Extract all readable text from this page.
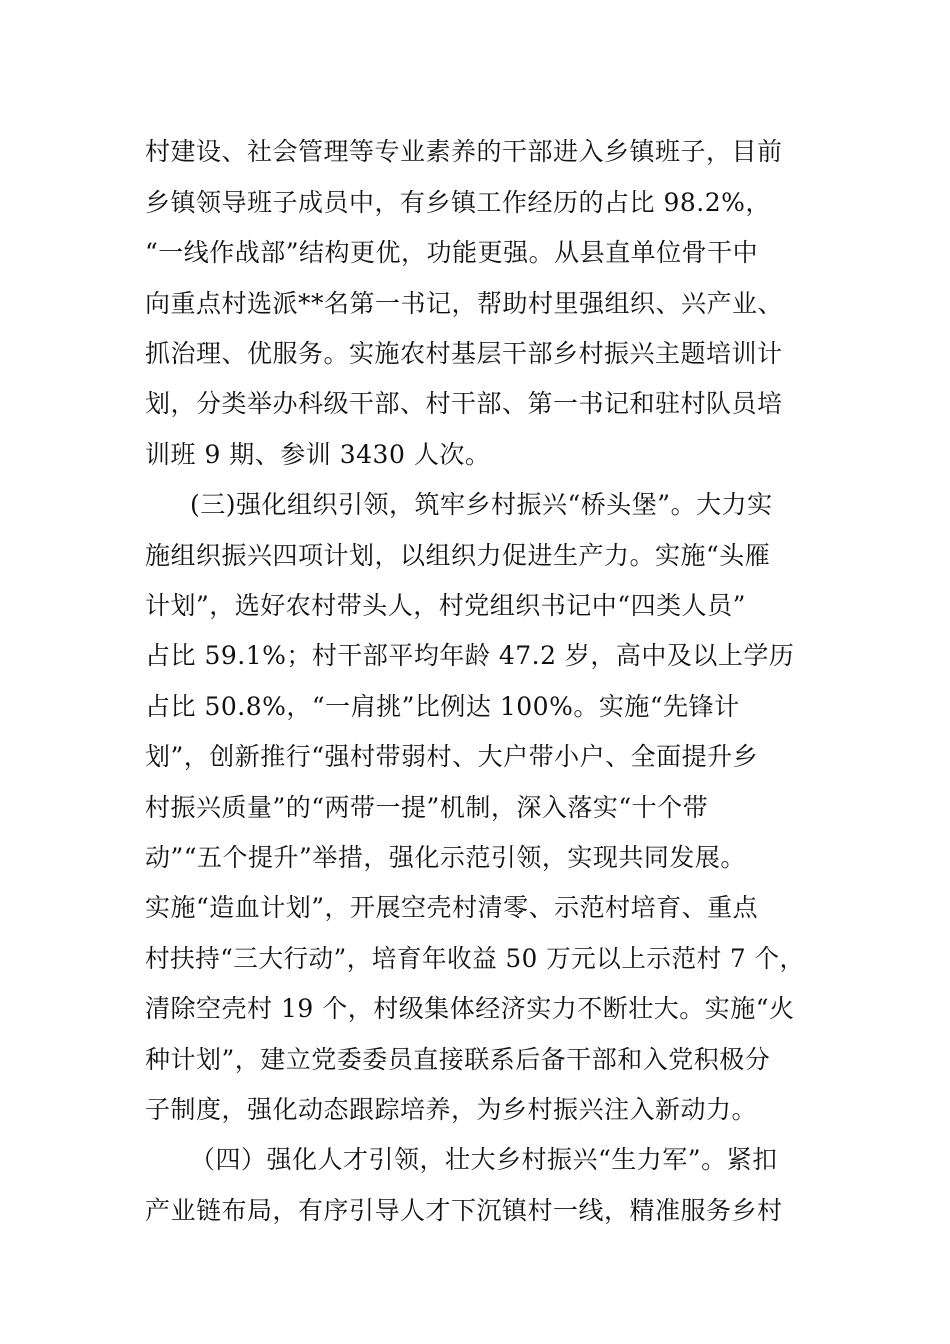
村建设、社会管理等专业素养的干部进入乡镇班子，目前
乡镇领导班子成员中，有乡镇工作经历的占比 98.2%，
“一线作战部”结构更优，功能更强。从县直单位骨干中
向重点村选派**名第一书记，帮助村里强组织、兴产业、
抓治理、优服务。实施农村基层干部乡村振兴主题培训计
划，分类举办科级干部、村干部、第一书记和驻村队员培
训班 9 期、参训 3430 人次。
(三)强化组织引领，筑牢乡村振兴“桥头堡”。大力实
施组织振兴四项计划，以组织力促进生产力。实施“头雁
计划”，选好农村带头人，村党组织书记中“四类人员”
占比 59.1%；村干部平均年龄 47.2 岁，高中及以上学历
占比 50.8%，“一肩挑”比例达 100%。实施“先锋计
划”，创新推行“强村带弱村、大户带小户、全面提升乡
村振兴质量”的“两带一提”机制，深入落实“十个带
动”“五个提升”举措，强化示范引领，实现共同发展。
实施“造血计划”，开展空壳村清零、示范村培育、重点
村扶持“三大行动”，培育年收益 50 万元以上示范村 7 个，
清除空壳村 19 个，村级集体经济实力不断壮大。实施“火
种计划”，建立党委委员直接联系后备干部和入党积极分
子制度，强化动态跟踪培养，为乡村振兴注入新动力。
（四）强化人才引领，壮大乡村振兴“生力军”。紧扣
产业链布局，有序引导人才下沉镇村一线，精准服务乡村
